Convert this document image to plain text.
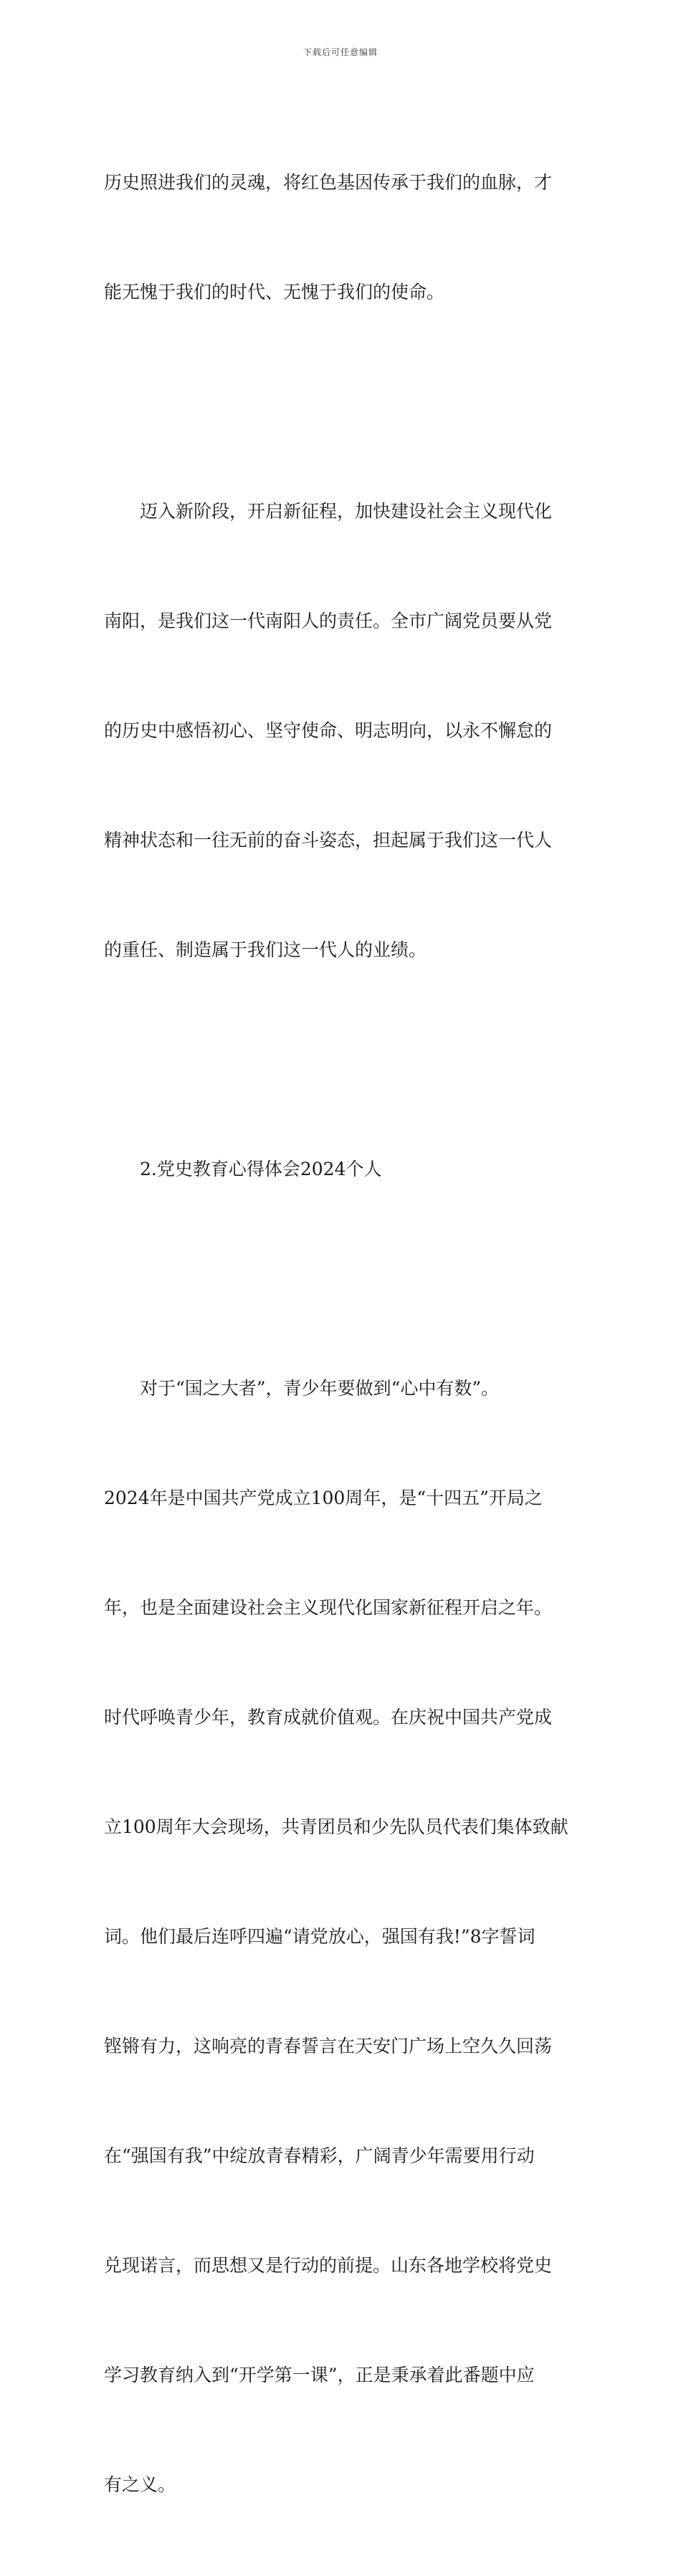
下载后可任意编辑

历史照进我们的灵魂，将红色基因传承于我们的血脉，才

能无愧于我们的时代、无愧于我们的使命。

迈入新阶段，开启新征程，加快建设社会主义现代化

南阳，是我们这一代南阳人的责任。全市广阔党员要从党

的历史中感悟初心、坚守使命、明志明向，以永不懈怠的

精神状态和一往无前的奋斗姿态，担起属于我们这一代人

的重任、制造属于我们这一代人的业绩。

2.党史教育心得体会2024个人

对于“国之大者”，青少年要做到“心中有数”。

2024年是中国共产党成立100周年，是“十四五”开局之

年，也是全面建设社会主义现代化国家新征程开启之年。

时代呼唤青少年，教育成就价值观。在庆祝中国共产党成

立100周年大会现场，共青团员和少先队员代表们集体致献

词。他们最后连呼四遍“请党放心，强国有我!”8字誓词

铿锵有力，这响亮的青春誓言在天安门广场上空久久回荡

在“强国有我”中绽放青春精彩，广阔青少年需要用行动

兑现诺言，而思想又是行动的前提。山东各地学校将党史

学习教育纳入到“开学第一课”，正是秉承着此番题中应

有之义。
